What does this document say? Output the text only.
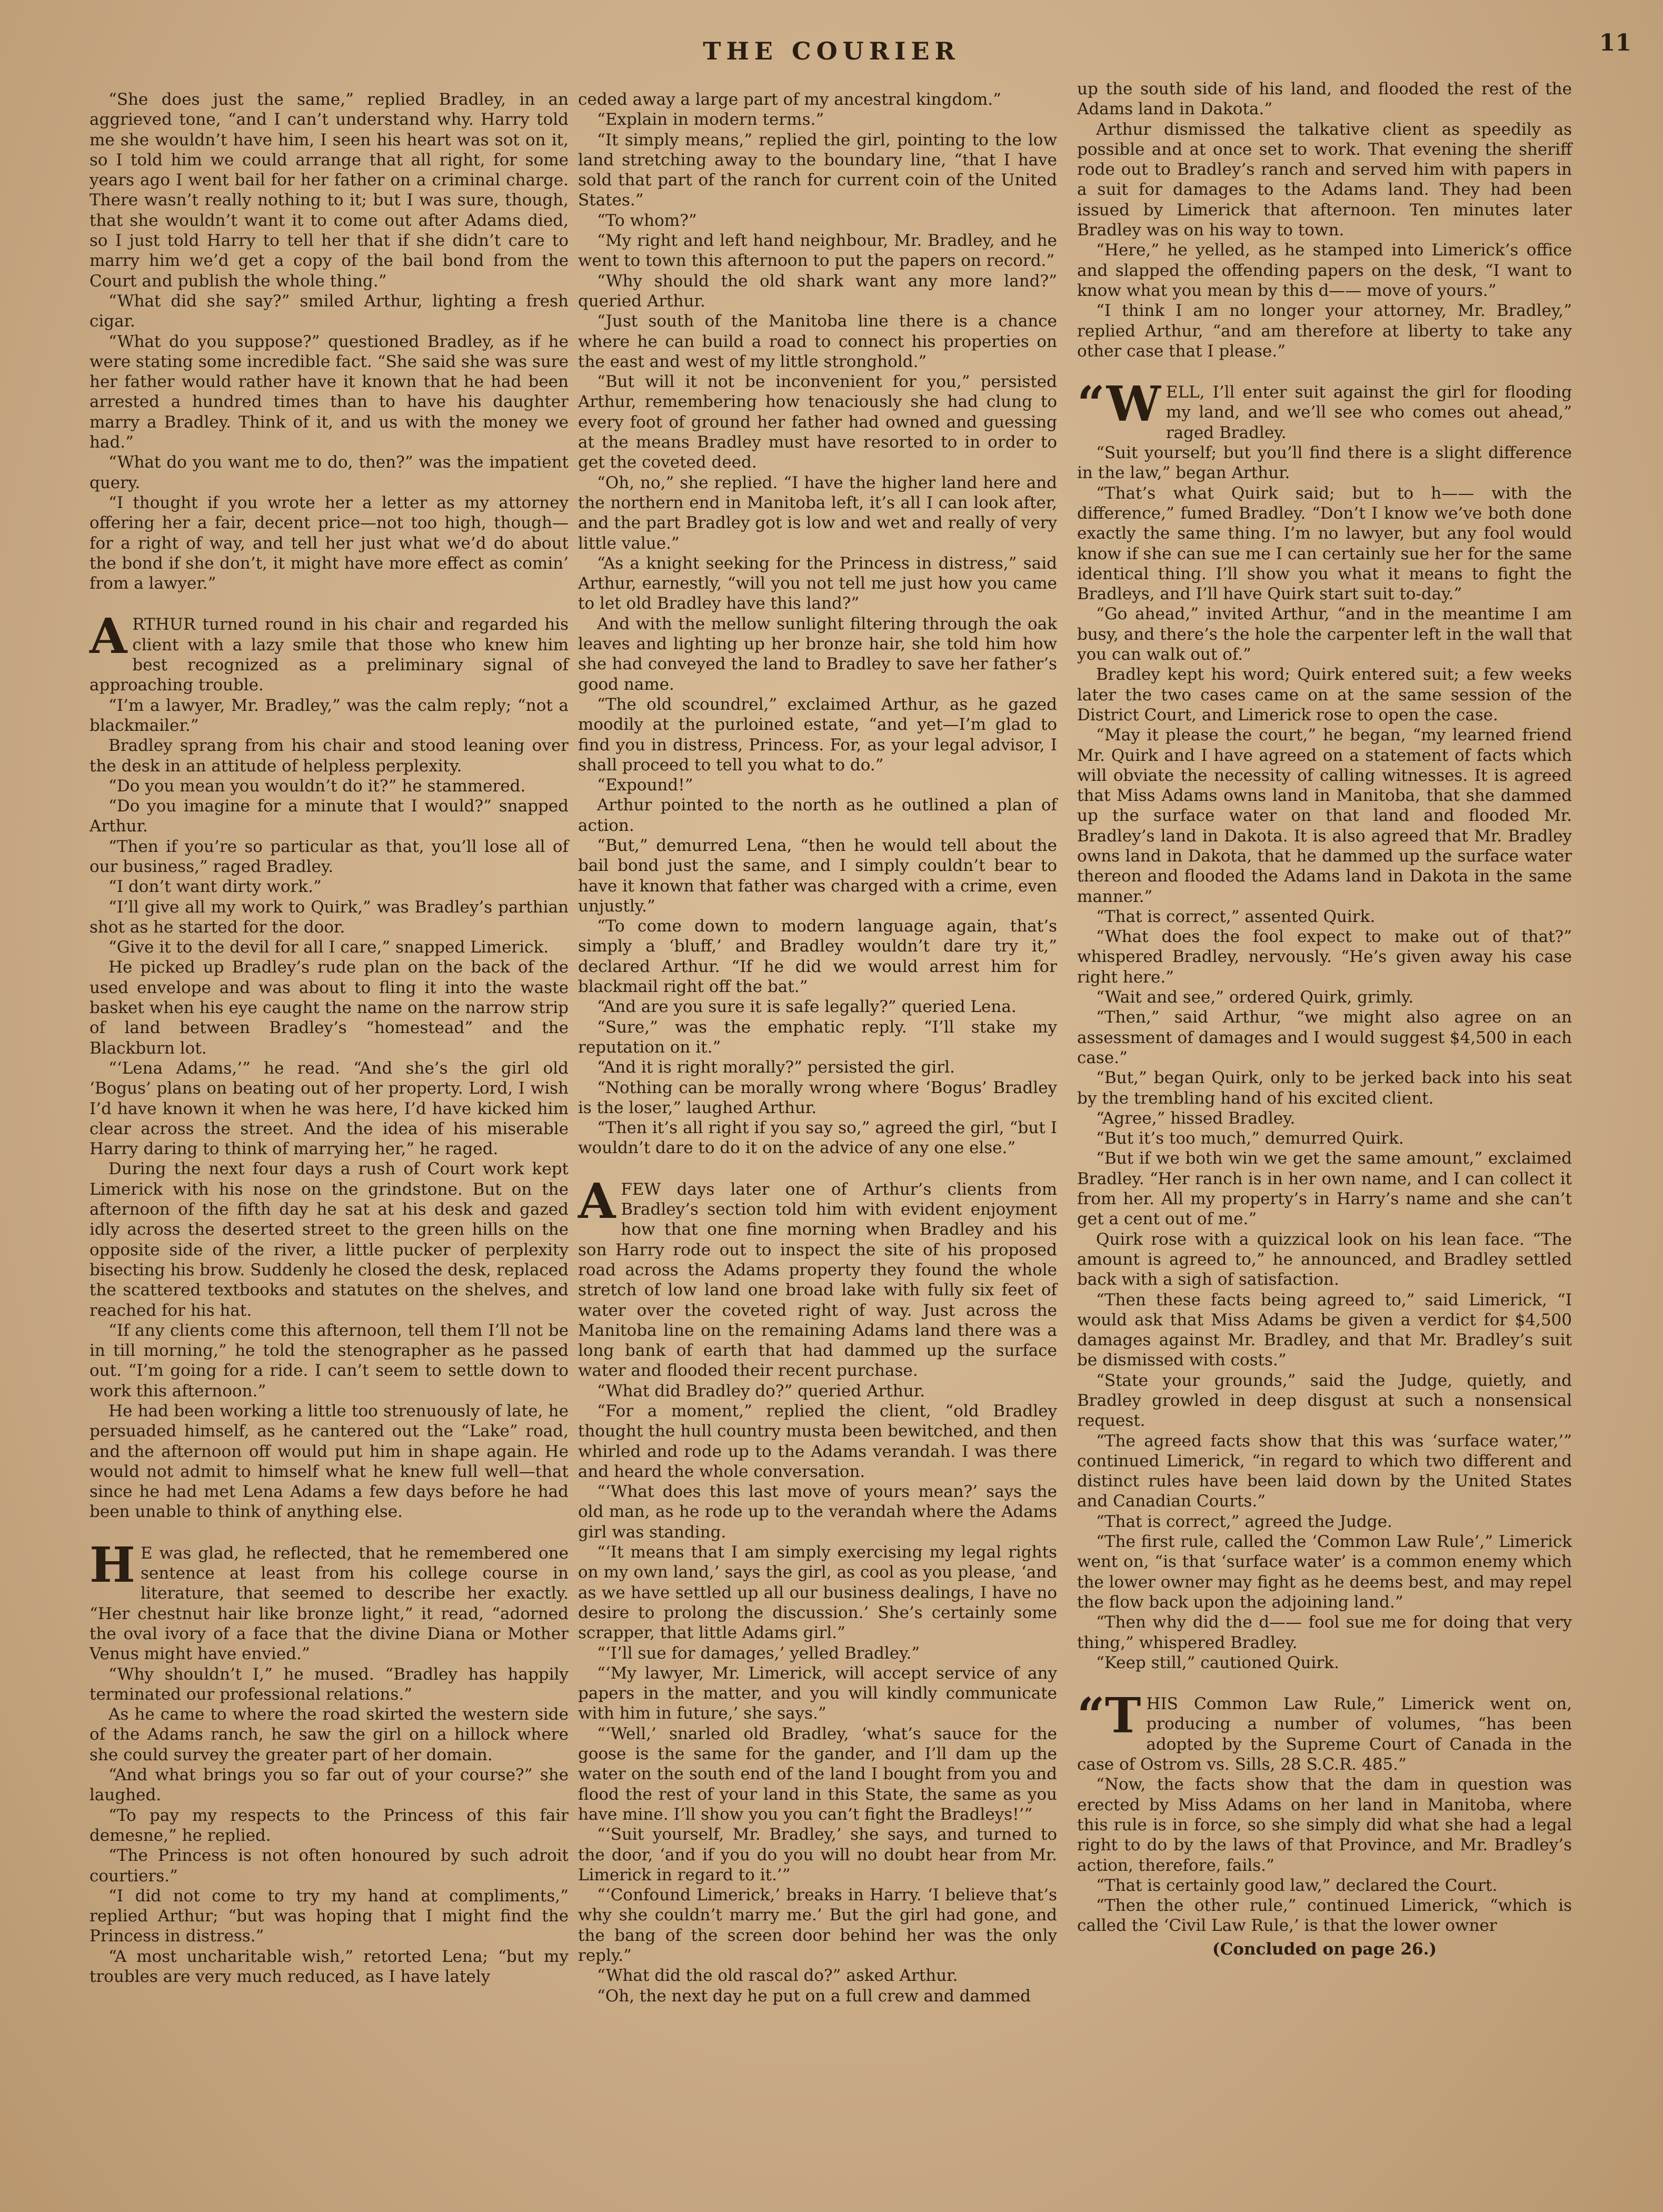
THE COURIER	11

“She does just the same,” replied Bradley, in an aggrieved tone, “and I can’t understand why. Harry told me she wouldn’t have him, I seen his heart was sot on it, so I told him we could arrange that all right, for some years ago I went bail for her father on a criminal charge. There wasn’t really nothing to it; but I was sure, though, that she wouldn’t want it to come out after Adams died, so I just told Harry to tell her that if she didn’t care to marry him we’d get a copy of the bail bond from the Court and publish the whole thing.”

“What did she say?” smiled Arthur, lighting a fresh cigar.

“What do you suppose?” questioned Bradley, as if he were stating some incredible fact. “She said she was sure her father would rather have it known that he had been arrested a hundred times than to have his daughter marry a Bradley. Think of it, and us with the money we had.”

“What do you want me to do, then?” was the impatient query.

“I thought if you wrote her a letter as my attorney offering her a fair, decent price—not too high, though—for a right of way, and tell her just what we’d do about the bond if she don’t, it might have more effect as comin’ from a lawyer.”

ARTHUR turned round in his chair and regarded his client with a lazy smile that those who knew him best recognized as a preliminary signal of approaching trouble.

“I’m a lawyer, Mr. Bradley,” was the calm reply; “not a blackmailer.”

Bradley sprang from his chair and stood leaning over the desk in an attitude of helpless perplexity.

“Do you mean you wouldn’t do it?” he stammered.

“Do you imagine for a minute that I would?” snapped Arthur.

“Then if you’re so particular as that, you’ll lose all of our business,” raged Bradley.

“I don’t want dirty work.”

“I’ll give all my work to Quirk,” was Bradley’s parthian shot as he started for the door.

“Give it to the devil for all I care,” snapped Limerick.

He picked up Bradley’s rude plan on the back of the used envelope and was about to fling it into the waste basket when his eye caught the name on the narrow strip of land between Bradley’s “homestead” and the Blackburn lot.

“‘Lena Adams,’” he read. “And she’s the girl old ‘Bogus’ plans on beating out of her property. Lord, I wish I’d have known it when he was here, I’d have kicked him clear across the street. And the idea of his miserable Harry daring to think of marrying her,” he raged.

During the next four days a rush of Court work kept Limerick with his nose on the grindstone. But on the afternoon of the fifth day he sat at his desk and gazed idly across the deserted street to the green hills on the opposite side of the river, a little pucker of perplexity bisecting his brow. Suddenly he closed the desk, replaced the scattered textbooks and statutes on the shelves, and reached for his hat.

“If any clients come this afternoon, tell them I’ll not be in till morning,” he told the stenographer as he passed out. “I’m going for a ride. I can’t seem to settle down to work this afternoon.”

He had been working a little too strenuously of late, he persuaded himself, as he cantered out the “Lake” road, and the afternoon off would put him in shape again. He would not admit to himself what he knew full well—that since he had met Lena Adams a few days before he had been unable to think of anything else.

H E was glad, he reflected, that he remembered one sentence at least from his college course in literature, that seemed to describe her exactly. “Her chestnut hair like bronze light,” it read, “adorned the oval ivory of a face that the divine Diana or Mother Venus might have envied.”

“Why shouldn’t I,” he mused. “Bradley has happily terminated our professional relations.”

As he came to where the road skirted the western side of the Adams ranch, he saw the girl on a hillock where she could survey the greater part of her domain.

“And what brings you so far out of your course?” she laughed.

“To pay my respects to the Princess of this fair demesne,” he replied.

“The Princess is not often honoured by such adroit courtiers.”

“I did not come to try my hand at compliments,” replied Arthur; “but was hoping that I might find the Princess in distress.”

“A most uncharitable wish,” retorted Lena; “but my troubles are very much reduced, as I have lately

ceded away a large part of my ancestral kingdom.”

“Explain in modern terms.”

“It simply means,” replied the girl, pointing to the low land stretching away to the boundary line, “that I have sold that part of the ranch for current coin of the United States.”

“To whom?”

“My right and left hand neighbour, Mr. Bradley, and he went to town this afternoon to put the papers on record.”

“Why should the old shark want any more land?” queried Arthur.

“Just south of the Manitoba line there is a chance where he can build a road to connect his properties on the east and west of my little stronghold.”

“But will it not be inconvenient for you,” persisted Arthur, remembering how tenaciously she had clung to every foot of ground her father had owned and guessing at the means Bradley must have resorted to in order to get the coveted deed.

“Oh, no,” she replied. “I have the higher land here and the northern end in Manitoba left, it’s all I can look after, and the part Bradley got is low and wet and really of very little value.”

“As a knight seeking for the Princess in distress,” said Arthur, earnestly, “will you not tell me just how you came to let old Bradley have this land?”

And with the mellow sunlight filtering through the oak leaves and lighting up her bronze hair, she told him how she had conveyed the land to Bradley to save her father’s good name.

“The old scoundrel,” exclaimed Arthur, as he gazed moodily at the purloined estate, “and yet—I’m glad to find you in distress, Princess. For, as your legal advisor, I shall proceed to tell you what to do.”

“Expound!”

Arthur pointed to the north as he outlined a plan of action.

“But,” demurred Lena, “then he would tell about the bail bond just the same, and I simply couldn’t bear to have it known that father was charged with a crime, even unjustly.”

“To come down to modern language again, that’s simply a ‘bluff,’ and Bradley wouldn’t dare try it,” declared Arthur. “If he did we would arrest him for blackmail right off the bat.”

“And are you sure it is safe legally?” queried Lena.

“Sure,” was the emphatic reply. “I’ll stake my reputation on it.”

“And it is right morally?” persisted the girl.

“Nothing can be morally wrong where ‘Bogus’ Bradley is the loser,” laughed Arthur.

“Then it’s all right if you say so,” agreed the girl, “but I wouldn’t dare to do it on the advice of any one else.”

AFEW days later one of Arthur’s clients from Bradley’s section told him with evident enjoyment how that one fine morning when Bradley and his son Harry rode out to inspect the site of his proposed road across the Adams property they found the whole stretch of low land one broad lake with fully six feet of water over the coveted right of way. Just across the Manitoba line on the remaining Adams land there was a long bank of earth that had dammed up the surface water and flooded their recent purchase.

“What did Bradley do?” queried Arthur.

“For a moment,” replied the client, “old Bradley thought the hull country musta been bewitched, and then whirled and rode up to the Adams verandah. I was there and heard the whole conversation.

“‘What does this last move of yours mean?’ says the old man, as he rode up to the verandah where the Adams girl was standing.

“‘It means that I am simply exercising my legal rights on my own land,’ says the girl, as cool as you please, ‘and as we have settled up all our business dealings, I have no desire to prolong the discussion.’ She’s certainly some scrapper, that little Adams girl.”

“‘I’ll sue for damages,’ yelled Bradley.”

“‘My lawyer, Mr. Limerick, will accept service of any papers in the matter, and you will kindly communicate with him in future,’ she says.”

“‘Well,’ snarled old Bradley, ‘what’s sauce for the goose is the same for the gander, and I’ll dam up the water on the south end of the land I bought from you and flood the rest of your land in this State, the same as you have mine. I’ll show you you can’t fight the Bradleys!’”

“‘Suit yourself, Mr. Bradley,’ she says, and turned to the door, ‘and if you do you will no doubt hear from Mr. Limerick in regard to it.’”

“‘Confound Limerick,’ breaks in Harry. ‘I believe that’s why she couldn’t marry me.’ But the girl had gone, and the bang of the screen door behind her was the only reply.”

“What did the old rascal do?” asked Arthur.

“Oh, the next day he put on a full crew and dammed

up the south side of his land, and flooded the rest of the Adams land in Dakota.”

Arthur dismissed the talkative client as speedily as possible and at once set to work. That evening the sheriff rode out to Bradley’s ranch and served him with papers in a suit for damages to the Adams land. They had been issued by Limerick that afternoon. Ten minutes later Bradley was on his way to town.

“Here,” he yelled, as he stamped into Limerick’s office and slapped the offending papers on the desk, “I want to know what you mean by this d—— move of yours.”

“I think I am no longer your attorney, Mr. Bradley,” replied Arthur, “and am therefore at liberty to take any other case that I please.”

“WELL, I’ll enter suit against the girl for flooding my land, and we’ll see who comes out ahead,” raged Bradley.

“Suit yourself; but you’ll find there is a slight difference in the law,” began Arthur.

“That’s what Quirk said; but to h—— with the difference,” fumed Bradley. “Don’t I know we’ve both done exactly the same thing. I’m no lawyer, but any fool would know if she can sue me I can certainly sue her for the same identical thing. I’ll show you what it means to fight the Bradleys, and I’ll have Quirk start suit to-day.”

“Go ahead,” invited Arthur, “and in the meantime I am busy, and there’s the hole the carpenter left in the wall that you can walk out of.”

Bradley kept his word; Quirk entered suit; a few weeks later the two cases came on at the same session of the District Court, and Limerick rose to open the case.

“May it please the court,” he began, “my learned friend Mr. Quirk and I have agreed on a statement of facts which will obviate the necessity of calling witnesses. It is agreed that Miss Adams owns land in Manitoba, that she dammed up the surface water on that land and flooded Mr. Bradley’s land in Dakota. It is also agreed that Mr. Bradley owns land in Dakota, that he dammed up the surface water thereon and flooded the Adams land in Dakota in the same manner.”

“That is correct,” assented Quirk.

“What does the fool expect to make out of that?” whispered Bradley, nervously. “He’s given away his case right here.”

“Wait and see,” ordered Quirk, grimly.

“Then,” said Arthur, “we might also agree on an assessment of damages and I would suggest $4,500 in each case.”

“But,” began Quirk, only to be jerked back into his seat by the trembling hand of his excited client.

“Agree,” hissed Bradley.

“But it’s too much,” demurred Quirk.

“But if we both win we get the same amount,” exclaimed Bradley. “Her ranch is in her own name, and I can collect it from her. All my property’s in Harry’s name and she can’t get a cent out of me.”

Quirk rose with a quizzical look on his lean face. “The amount is agreed to,” he announced, and Bradley settled back with a sigh of satisfaction.

“Then these facts being agreed to,” said Limerick, “I would ask that Miss Adams be given a verdict for $4,500 damages against Mr. Bradley, and that Mr. Bradley’s suit be dismissed with costs.”

“State your grounds,” said the Judge, quietly, and Bradley growled in deep disgust at such a nonsensical request.

“The agreed facts show that this was ‘surface water,’” continued Limerick, “in regard to which two different and distinct rules have been laid down by the United States and Canadian Courts.”

“That is correct,” agreed the Judge.

“The first rule, called the ‘Common Law Rule’,” Limerick went on, “is that ‘surface water’ is a common enemy which the lower owner may fight as he deems best, and may repel the flow back upon the adjoining land.”

“Then why did the d—— fool sue me for doing that very thing,” whispered Bradley.

“Keep still,” cautioned Quirk.

“THIS Common Law Rule,” Limerick went on, producing a number of volumes, “has been adopted by the Supreme Court of Canada in the case of Ostrom vs. Sills, 28 S.C.R. 485.”

“Now, the facts show that the dam in question was erected by Miss Adams on her land in Manitoba, where this rule is in force, so she simply did what she had a legal right to do by the laws of that Province, and Mr. Bradley’s action, therefore, fails.”

“That is certainly good law,” declared the Court.

“Then the other rule,” continued Limerick, “which is called the ‘Civil Law Rule,’ is that the lower owner

(Concluded on page 26.)
